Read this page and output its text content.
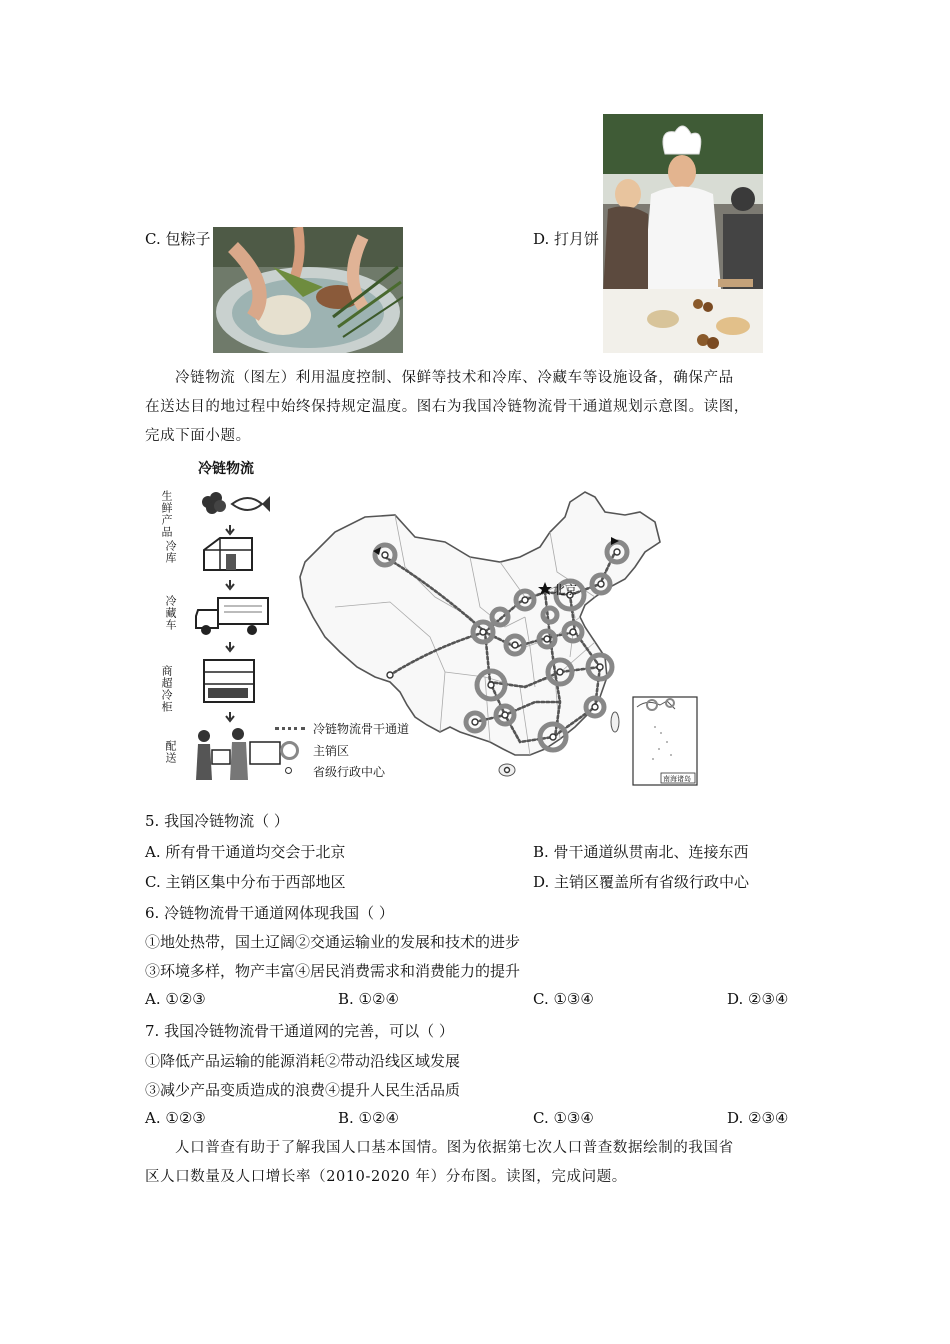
C. 包粽子	D. 打月饼
冷链物流（图左）利用温度控制、保鲜等技术和冷库、冷藏车等设施设备，确保产品
在送达目的地过程中始终保持规定温度。图右为我国冷链物流骨干通道规划示意图。读图，
完成下面小题。
冷链物流
生鲜产品
冷库
冷藏车
商超冷柜
配送
北京
南海诸岛
冷链物流骨干通道
主销区
省级行政中心
5. 我国冷链物流（ ）
A. 所有骨干通道均交会于北京	B. 骨干通道纵贯南北、连接东西
C. 主销区集中分布于西部地区	D. 主销区覆盖所有省级行政中心
6. 冷链物流骨干通道网体现我国（ ）
①地处热带，国土辽阔②交通运输业的发展和技术的进步
③环境多样，物产丰富④居民消费需求和消费能力的提升
A. ①②③	B. ①②④	C. ①③④	D. ②③④
7. 我国冷链物流骨干通道网的完善，可以（ ）
①降低产品运输的能源消耗②带动沿线区域发展
③减少产品变质造成的浪费④提升人民生活品质
A. ①②③	B. ①②④	C. ①③④	D. ②③④
人口普查有助于了解我国人口基本国情。图为依据第七次人口普查数据绘制的我国省
区人口数量及人口增长率（2010-2020 年）分布图。读图，完成问题。
